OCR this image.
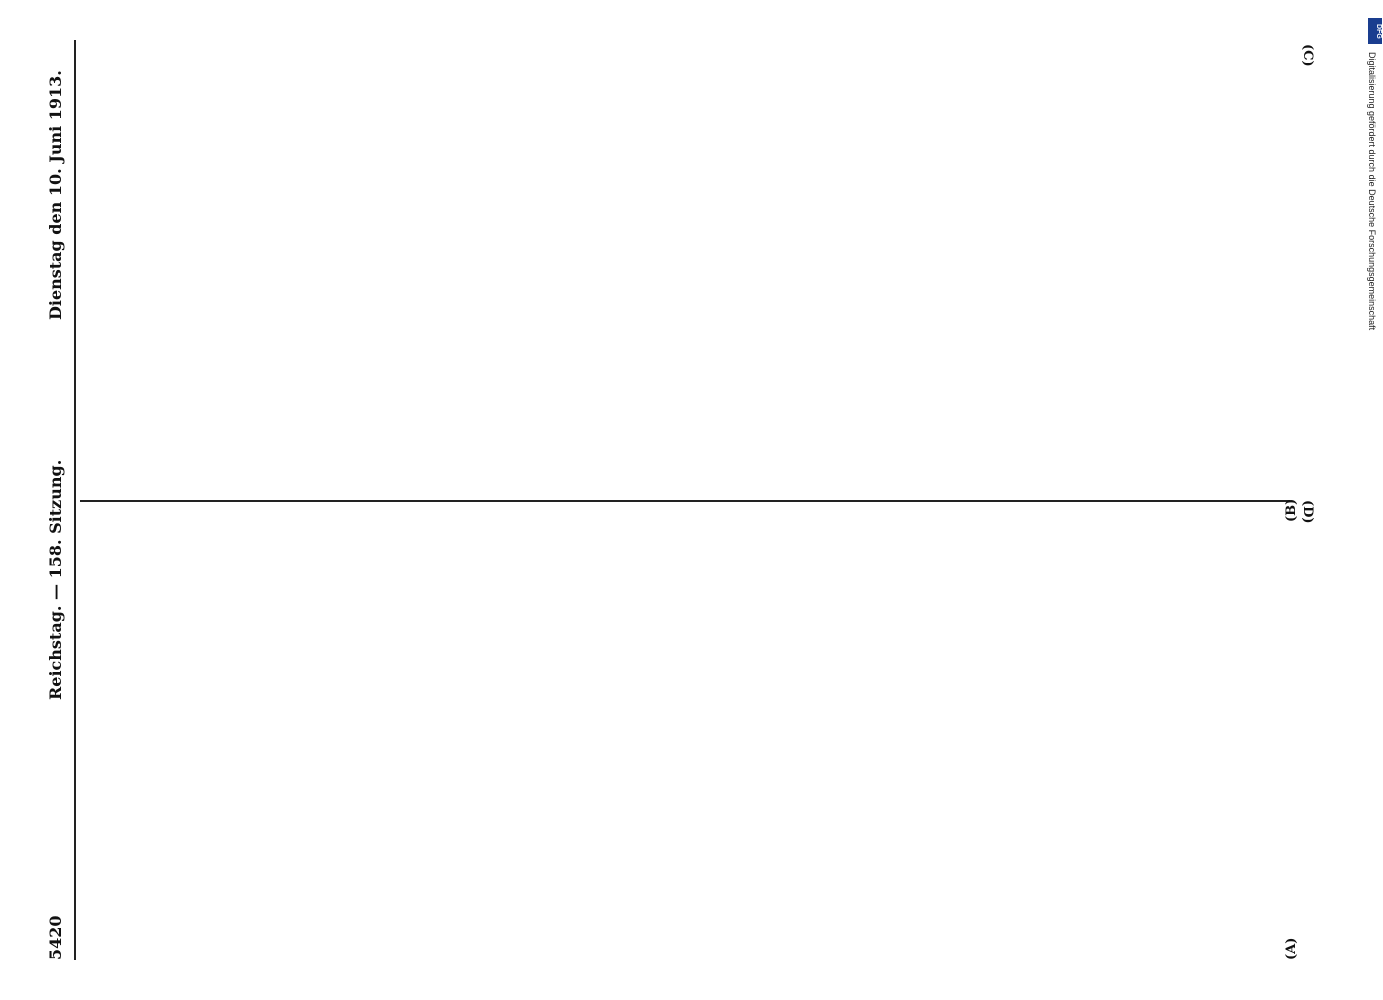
5420
Reichstag. — 158. Sitzung.
Dienstag den 10. Juni 1913.
(A)
(B)
(C)
(D)
DFG
Digitalisierung gefördert durch die Deutsche Forschungsgemeinschaft
